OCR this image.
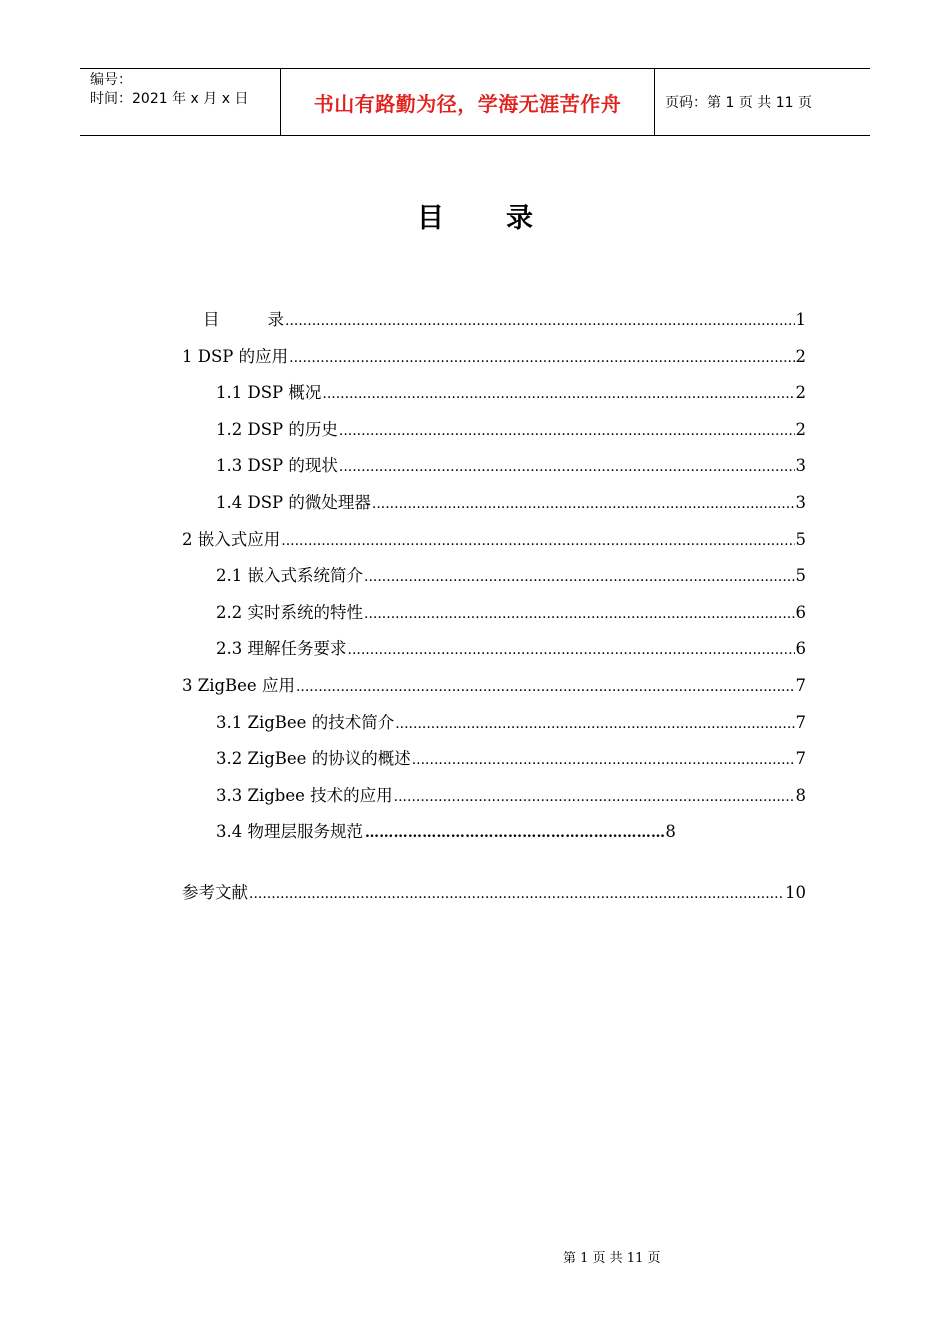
编号：
时间：2021 年 x 月 x 日	书山有路勤为径，学海无涯苦作舟	页码：第 1 页 共 11 页
目 录
目	录 .....	1
1 DSP 的应用 .....	2
1.1 DSP 概况 .....	2
1.2 DSP 的历史 .....	2
1.3 DSP 的现状 .....	3
1.4 DSP 的微处理器 .....	3
2 嵌入式应用 .....	5
2.1 嵌入式系统简介 .....	5
2.2 实时系统的特性 .....	6
2.3 理解任务要求 .....	6
3 ZigBee 应用 .....	7
3.1 ZigBee 的技术简介 .....	7
3.2 ZigBee 的协议的概述 .....	7
3.3 Zigbee 技术的应用 .....	8
3.4 物理层服务规范 ……………………………………………………… 8
参考文献 .....	10
第 1 页 共 11 页
